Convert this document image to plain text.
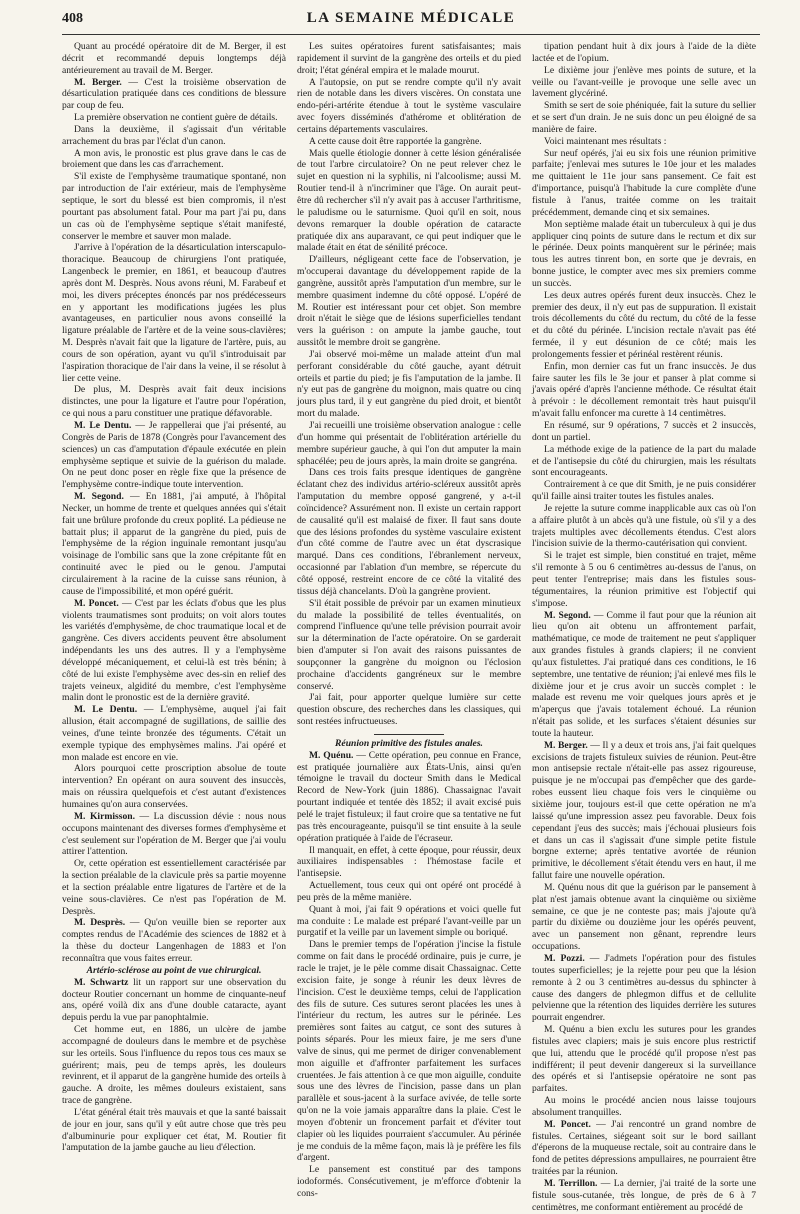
408	LA SEMAINE MÉDICALE

Quant au procédé opératoire dit de M. Berger, il est décrit et recommandé depuis longtemps déjà antérieurement au travail de M. Berger.

M. Berger. — C'est la troisième observation de désarticulation pratiquée dans ces conditions de blessure par coup de feu.

La première observation ne contient guère de détails.

Dans la deuxième, il s'agissait d'un véritable arrachement du bras par l'éclat d'un canon.

A mon avis, le pronostic est plus grave dans le cas de broiement que dans les cas d'arrachement.

S'il existe de l'emphysème traumatique spontané, non par introduction de l'air extérieur, mais de l'emphysème septique, le sort du blessé est bien compromis, il n'est pourtant pas absolument fatal. Pour ma part j'ai pu, dans un cas où de l'emphysème septique s'était manifesté, conserver le membre et sauver mon malade.

J'arrive à l'opération de la désarticulation interscapulo-thoracique. Beaucoup de chirurgiens l'ont pratiquée, Langenbeck le premier, en 1861, et beaucoup d'autres après dont M. Desprès. Nous avons réuni, M. Farabeuf et moi, les divers préceptes énoncés par nos prédécesseurs en y apportant les modifications jugées les plus avantageuses, en particulier nous avons conseillé la ligature préalable de l'artère et de la veine sous-clavières; M. Desprès n'avait fait que la ligature de l'artère, puis, au cours de son opération, ayant vu qu'il s'introduisait par l'aspiration thoracique de l'air dans la veine, il se résolut à lier cette veine.

De plus, M. Desprès avait fait deux incisions distinctes, une pour la ligature et l'autre pour l'opération, ce qui nous a paru constituer une pratique défavorable.

M. Le Dentu. — Je rappellerai que j'ai présenté, au Congrès de Paris de 1878 (Congrès pour l'avancement des sciences) un cas d'amputation d'épaule exécutée en plein emphysème septique et suivie de la guérison du malade. On ne peut donc poser en règle fixe que la présence de l'emphysème contre-indique toute intervention.

M. Segond. — En 1881, j'ai amputé, à l'hôpital Necker, un homme de trente et quelques années qui s'était fait une brûlure profonde du creux poplité. La pédieuse ne battait plus; il apparut de la gangrène du pied, puis de l'emphysème de la région inguinale remontant jusqu'au voisinage de l'ombilic sans que la zone crépitante fût en continuité avec le pied ou le genou. J'amputai circulairement à la racine de la cuisse sans réunion, à cause de l'impossibilité, et mon opéré guérit.

M. Poncet. — C'est par les éclats d'obus que les plus violents traumatismes sont produits; on voit alors toutes les variétés d'emphysème, de choc traumatique local et de gangrène. Ces divers accidents peuvent être absolument indépendants les uns des autres. Il y a l'emphysème développé mécaniquement, et celui-là est très bénin; à côté de lui existe l'emphysème avec des-sin en relief des trajets veineux, algidité du membre, c'est l'emphysème malin dont le pronostic est de la dernière gravité.

M. Le Dentu. — L'emphysème, auquel j'ai fait allusion, était accompagné de sugillations, de saillie des veines, d'une teinte bronzée des téguments. C'était un exemple typique des emphysèmes malins. J'ai opéré et mon malade est encore en vie.

Alors pourquoi cette proscription absolue de toute intervention? En opérant on aura souvent des insuccès, mais on réussira quelquefois et c'est autant d'existences humaines qu'on aura conservées.

M. Kirmisson. — La discussion dévie : nous nous occupons maintenant des diverses formes d'emphysème et c'est seulement sur l'opération de M. Berger que j'ai voulu attirer l'attention.

Or, cette opération est essentiellement caractérisée par la section préalable de la clavicule près sa partie moyenne et la section préalable entre ligatures de l'artère et de la veine sous-clavières. Ce n'est pas l'opération de M. Desprès.

M. Desprès. — Qu'on veuille bien se reporter aux comptes rendus de l'Académie des sciences de 1882 et à la thèse du docteur Langenhagen de 1883 et l'on reconnaîtra que vous faites erreur.

Artério-sclérose au point de vue chirurgical.

M. Schwartz lit un rapport sur une observation du docteur Routier concernant un homme de cinquante-neuf ans, opéré voilà dix ans d'une double cataracte, ayant depuis perdu la vue par panophtalmie.

Cet homme eut, en 1886, un ulcère de jambe accompagné de douleurs dans le membre et de psychèse sur les orteils. Sous l'influence du repos tous ces maux se guérirent; mais, peu de temps après, les douleurs revinrent, et il apparut de la gangrène humide des orteils à gauche. A droite, les mêmes douleurs existaient, sans trace de gangrène.

L'état général était très mauvais et que la santé baissait de jour en jour, sans qu'il y eût autre chose que très peu d'albuminurie pour expliquer cet état, M. Routier fit l'amputation de la jambe gauche au lieu d'élection.

Les suites opératoires furent satisfaisantes; mais rapidement il survint de la gangrène des orteils et du pied droit; l'état général empira et le malade mourut.

A l'autopsie, on put se rendre compte qu'il n'y avait rien de notable dans les divers viscères. On constata une endo-péri-artérite étendue à tout le système vasculaire avec foyers disséminés d'athérome et oblitération de certains départements vasculaires.

A cette cause doit être rapportée la gangrène.

Mais quelle étiologie donner à cette lésion généralisée de tout l'arbre circulatoire? On ne peut relever chez le sujet en question ni la syphilis, ni l'alcoolisme; aussi M. Routier tend-il à n'incriminer que l'âge. On aurait peut-être dû rechercher s'il n'y avait pas à accuser l'arthritisme, le paludisme ou le saturnisme. Quoi qu'il en soit, nous devons remarquer la double opération de cataracte pratiquée dix ans auparavant, ce qui peut indiquer que le malade était en état de sénilité précoce.

D'ailleurs, négligeant cette face de l'observation, je m'occuperai davantage du développement rapide de la gangrène, aussitôt après l'amputation d'un membre, sur le membre quasiment indemne du côté opposé. L'opéré de M. Routier est intéressant pour cet objet. Son membre droit n'était le siège que de lésions superficielles tendant vers la guérison : on ampute la jambe gauche, tout aussitôt le membre droit se gangrène.

J'ai observé moi-même un malade atteint d'un mal perforant considérable du côté gauche, ayant détruit orteils et partie du pied; je fis l'amputation de la jambe. Il n'y eut pas de gangrène du moignon, mais quatre ou cinq jours plus tard, il y eut gangrène du pied droit, et bientôt mort du malade.

J'ai recueilli une troisième observation analogue : celle d'un homme qui présentait de l'oblitération artérielle du membre supérieur gauche, à qui l'on dut amputer la main sphacélée; peu de jours après, la main droite se gangréna.

Dans ces trois faits presque identiques de gangrène éclatant chez des individus artério-scléreux aussitôt après l'amputation du membre opposé gangrené, y a-t-il coïncidence? Assurément non. Il existe un certain rapport de causalité qu'il est malaisé de fixer. Il faut sans doute que des lésions profondes du système vasculaire existent d'un côté comme de l'autre avec un état dyscrasique marqué. Dans ces conditions, l'ébranlement nerveux, occasionné par l'ablation d'un membre, se répercute du côté opposé, restreint encore de ce côté la vitalité des tissus déjà chancelants. D'où la gangrène provient.

S'il était possible de prévoir par un examen minutieux du malade la possibilité de telles éventualités, on comprend l'influence qu'une telle prévision pourrait avoir sur la détermination de l'acte opératoire. On se garderait bien d'amputer si l'on avait des raisons puissantes de soupçonner la gangrène du moignon ou l'éclosion prochaine d'accidents gangréneux sur le membre conservé.

J'ai fait, pour apporter quelque lumière sur cette question obscure, des recherches dans les classiques, qui sont restées infructueuses.

Réunion primitive des fistules anales.

M. Quénu. — Cette opération, peu connue en France, est pratiquée journalière aux États-Unis, ainsi qu'en témoigne le travail du docteur Smith dans le Medical Record de New-York (juin 1886). Chassaignac l'avait pourtant indiquée et tentée dès 1852; il avait excisé puis pelé le trajet fistuleux; il faut croire que sa tentative ne fut pas très encourageante, puisqu'il se tint ensuite à la seule opération pratiquée à l'aide de l'écraseur.

Il manquait, en effet, à cette époque, pour réussir, deux auxiliaires indispensables : l'hémostase facile et l'antisepsie.

Actuellement, tous ceux qui ont opéré ont procédé à peu près de la même manière.

Quant à moi, j'ai fait 9 opérations et voici quelle fut ma conduite : Le malade est préparé l'avant-veille par un purgatif et la veille par un lavement simple ou boriqué.

Dans le premier temps de l'opération j'incise la fistule comme on fait dans le procédé ordinaire, puis je curre, je racle le trajet, je le pèle comme disait Chassaignac. Cette excision faite, je songe à réunir les deux lèvres de l'incision. C'est le deuxième temps, celui de l'application des fils de suture. Ces sutures seront placées les unes à l'intérieur du rectum, les autres sur le périnée. Les premières sont faites au catgut, ce sont des sutures à points séparés. Pour les mieux faire, je me sers d'une valve de sinus, qui me permet de diriger convenablement mon aiguille et d'affronter parfaitement les surfaces cruentées. Je fais attention à ce que mon aiguille, conduite sous une des lèvres de l'incision, passe dans un plan parallèle et sous-jacent à la surface avivée, de telle sorte qu'on ne la voie jamais apparaître dans la plaie. C'est le moyen d'obtenir un froncement parfait et d'éviter tout clapier où les liquides pourraient s'accumuler. Au périnée je me conduis de la même façon, mais là je préfère les fils d'argent.

Le pansement est constitué par des tampons iodoformés. Consécutivement, je m'efforce d'obtenir la cons-

tipation pendant huit à dix jours à l'aide de la diète lactée et de l'opium.

Le dixième jour j'enlève mes points de suture, et la veille ou l'avant-veille je provoque une selle avec un lavement glycériné.

Smith se sert de soie phéniquée, fait la suture du sellier et se sert d'un drain. Je ne suis donc un peu éloigné de sa manière de faire.

Voici maintenant mes résultats :

Sur neuf opérés, j'ai eu six fois une réunion primitive parfaite; j'enlevai mes sutures le 10e jour et les malades me quittaient le 11e jour sans pansement. Ce fait est d'importance, puisqu'à l'habitude la cure complète d'une fistule à l'anus, traitée comme on les traitait précédemment, demande cinq et six semaines.

Mon septième malade était un tuberculeux à qui je dus appliquer cinq points de suture dans le rectum et dix sur le périnée. Deux points manquèrent sur le périnée; mais tous les autres tinrent bon, en sorte que je devrais, en bonne justice, le compter avec mes six premiers comme un succès.

Les deux autres opérés furent deux insuccès. Chez le premier des deux, il n'y eut pas de suppuration. Il existait trois décollements du côté du rectum, du côté de la fesse et du côté du périnée. L'incision rectale n'avait pas été fermée, il y eut désunion de ce côté; mais les prolongements fessier et périnéal restèrent réunis.

Enfin, mon dernier cas fut un franc insuccès. Je dus faire sauter les fils le 3e jour et panser à plat comme si j'avais opéré d'après l'ancienne méthode. Ce résultat était à prévoir : le décollement remontait très haut puisqu'il m'avait fallu enfoncer ma curette à 14 centimètres.

En résumé, sur 9 opérations, 7 succès et 2 insuccès, dont un partiel.

La méthode exige de la patience de la part du malade et de l'antisepsie du côté du chirurgien, mais les résultats sont encourageants.

Contrairement à ce que dit Smith, je ne puis considérer qu'il faille ainsi traiter toutes les fistules anales.

Je rejette la suture comme inapplicable aux cas où l'on a affaire plutôt à un abcès qu'à une fistule, où s'il y a des trajets multiples avec décollements étendus. C'est alors l'incision suivie de la thermo-cautérisation qui convient.

Si le trajet est simple, bien constitué en trajet, même s'il remonte à 5 ou 6 centimètres au-dessus de l'anus, on peut tenter l'entreprise; mais dans les fistules sous-tégumentaires, la réunion primitive est l'objectif qui s'impose.

M. Segond. — Comme il faut pour que la réunion ait lieu qu'on ait obtenu un affrontement parfait, mathématique, ce mode de traitement ne peut s'appliquer aux grandes fistules à grands clapiers; il ne convient qu'aux fistulettes. J'ai pratiqué dans ces conditions, le 16 septembre, une tentative de réunion; j'ai enlevé mes fils le dixième jour et je crus avoir un succès complet : le malade est revenu me voir quelques jours après et je m'aperçus que j'avais totalement échoué. La réunion n'était pas solide, et les surfaces s'étaient désunies sur toute la hauteur.

M. Berger. — Il y a deux et trois ans, j'ai fait quelques excisions de trajets fistuleux suivies de réunion. Peut-être mon antisepsie rectale n'était-elle pas assez rigoureuse, puisque je ne m'occupai pas d'empêcher que des garde-robes eussent lieu chaque fois vers le cinquième ou sixième jour, toujours est-il que cette opération ne m'a laissé qu'une impression assez peu favorable. Deux fois cependant j'eus des succès; mais j'échouai plusieurs fois et dans un cas il s'agissait d'une simple petite fistule borgne externe; après tentative avortée de réunion primitive, le décollement s'était étendu vers en haut, il me fallut faire une nouvelle opération.

M. Quénu nous dit que la guérison par le pansement à plat n'est jamais obtenue avant la cinquième ou sixième semaine, ce que je ne conteste pas; mais j'ajoute qu'à partir du dixième ou douzième jour les opérés peuvent, avec un pansement non gênant, reprendre leurs occupations.

M. Pozzi. — J'admets l'opération pour des fistules toutes superficielles; je la rejette pour peu que la lésion remonte à 2 ou 3 centimètres au-dessus du sphincter à cause des dangers de phlegmon diffus et de cellulite pelvienne que la rétention des liquides derrière les sutures pourrait engendrer.

M. Quénu a bien exclu les sutures pour les grandes fistules avec clapiers; mais je suis encore plus restrictif que lui, attendu que le procédé qu'il propose n'est pas indifférent; il peut devenir dangereux si la surveillance des opérés et si l'antisepsie opératoire ne sont pas parfaites.

Au moins le procédé ancien nous laisse toujours absolument tranquilles.

M. Poncet. — J'ai rencontré un grand nombre de fistules. Certaines, siégeant soit sur le bord saillant d'éperons de la muqueuse rectale, soit au contraire dans le fond de petites dépressions ampullaires, ne pourraient être traitées par la réunion.

M. Terrillon. — La dernier, j'ai traité de la sorte une fistule sous-cutanée, très longue, de près de 6 à 7 centimètres, me conformant entièrement au procédé de
